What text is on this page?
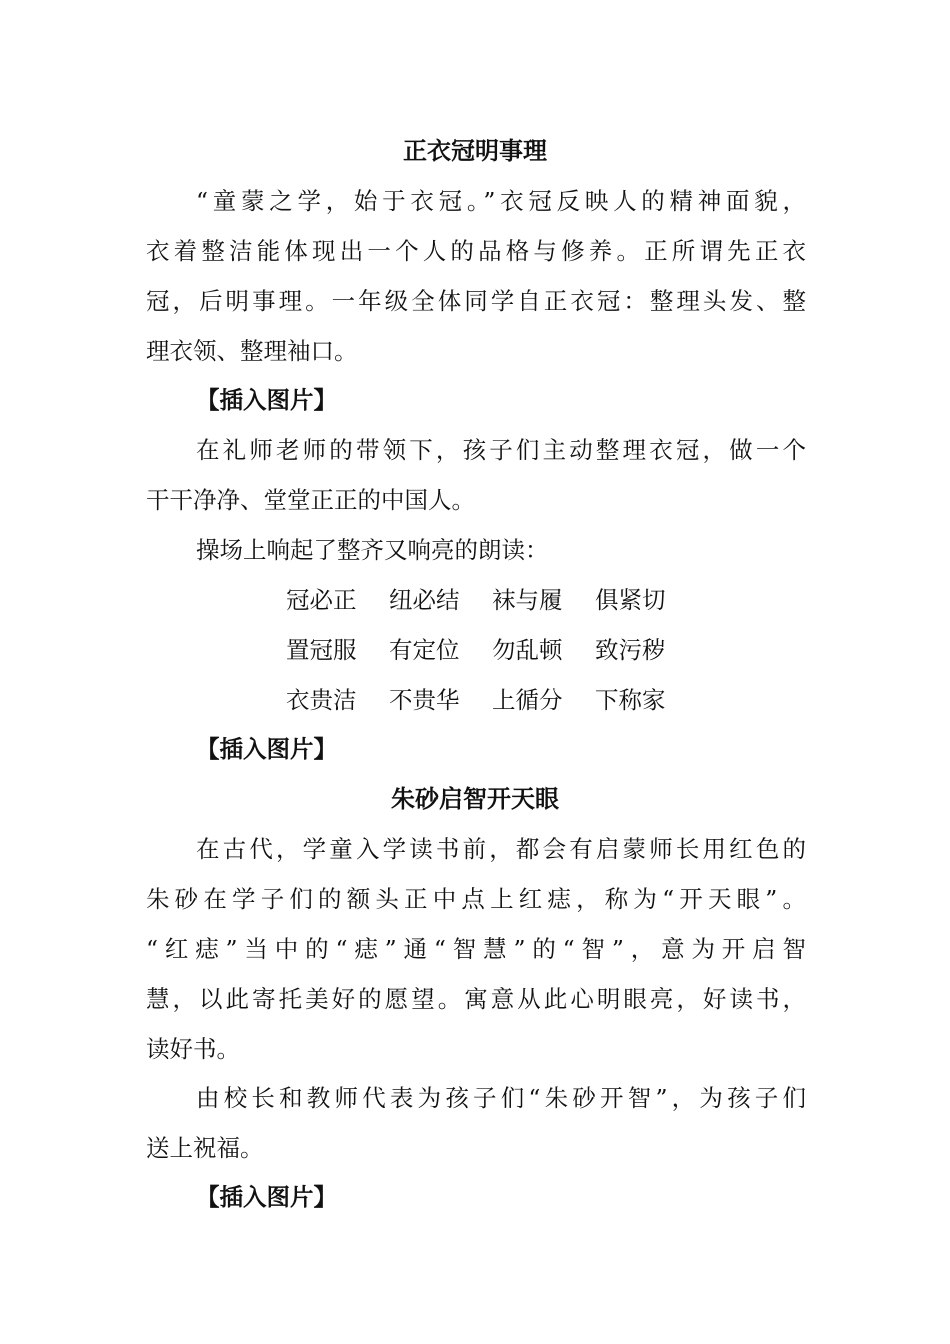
正衣冠明事理
“童蒙之学，始于衣冠。”衣冠反映人的精神面貌，
衣着整洁能体现出一个人的品格与修养。正所谓先正衣
冠，后明事理。一年级全体同学自正衣冠：整理头发、整
理衣领、整理袖口。
【插入图片】
在礼师老师的带领下，孩子们主动整理衣冠，做一个
干干净净、堂堂正正的中国人。
操场上响起了整齐又响亮的朗读：
冠必正 纽必结 袜与履 俱紧切
置冠服 有定位 勿乱顿 致污秽
衣贵洁 不贵华 上循分 下称家
【插入图片】
朱砂启智开天眼
在古代，学童入学读书前，都会有启蒙师长用红色的
朱砂在学子们的额头正中点上红痣，称为“开天眼”。
“红痣”当中的“痣”通“智慧”的“智”，意为开启智
慧，以此寄托美好的愿望。寓意从此心明眼亮，好读书，
读好书。
由校长和教师代表为孩子们“朱砂开智”，为孩子们
送上祝福。
【插入图片】
